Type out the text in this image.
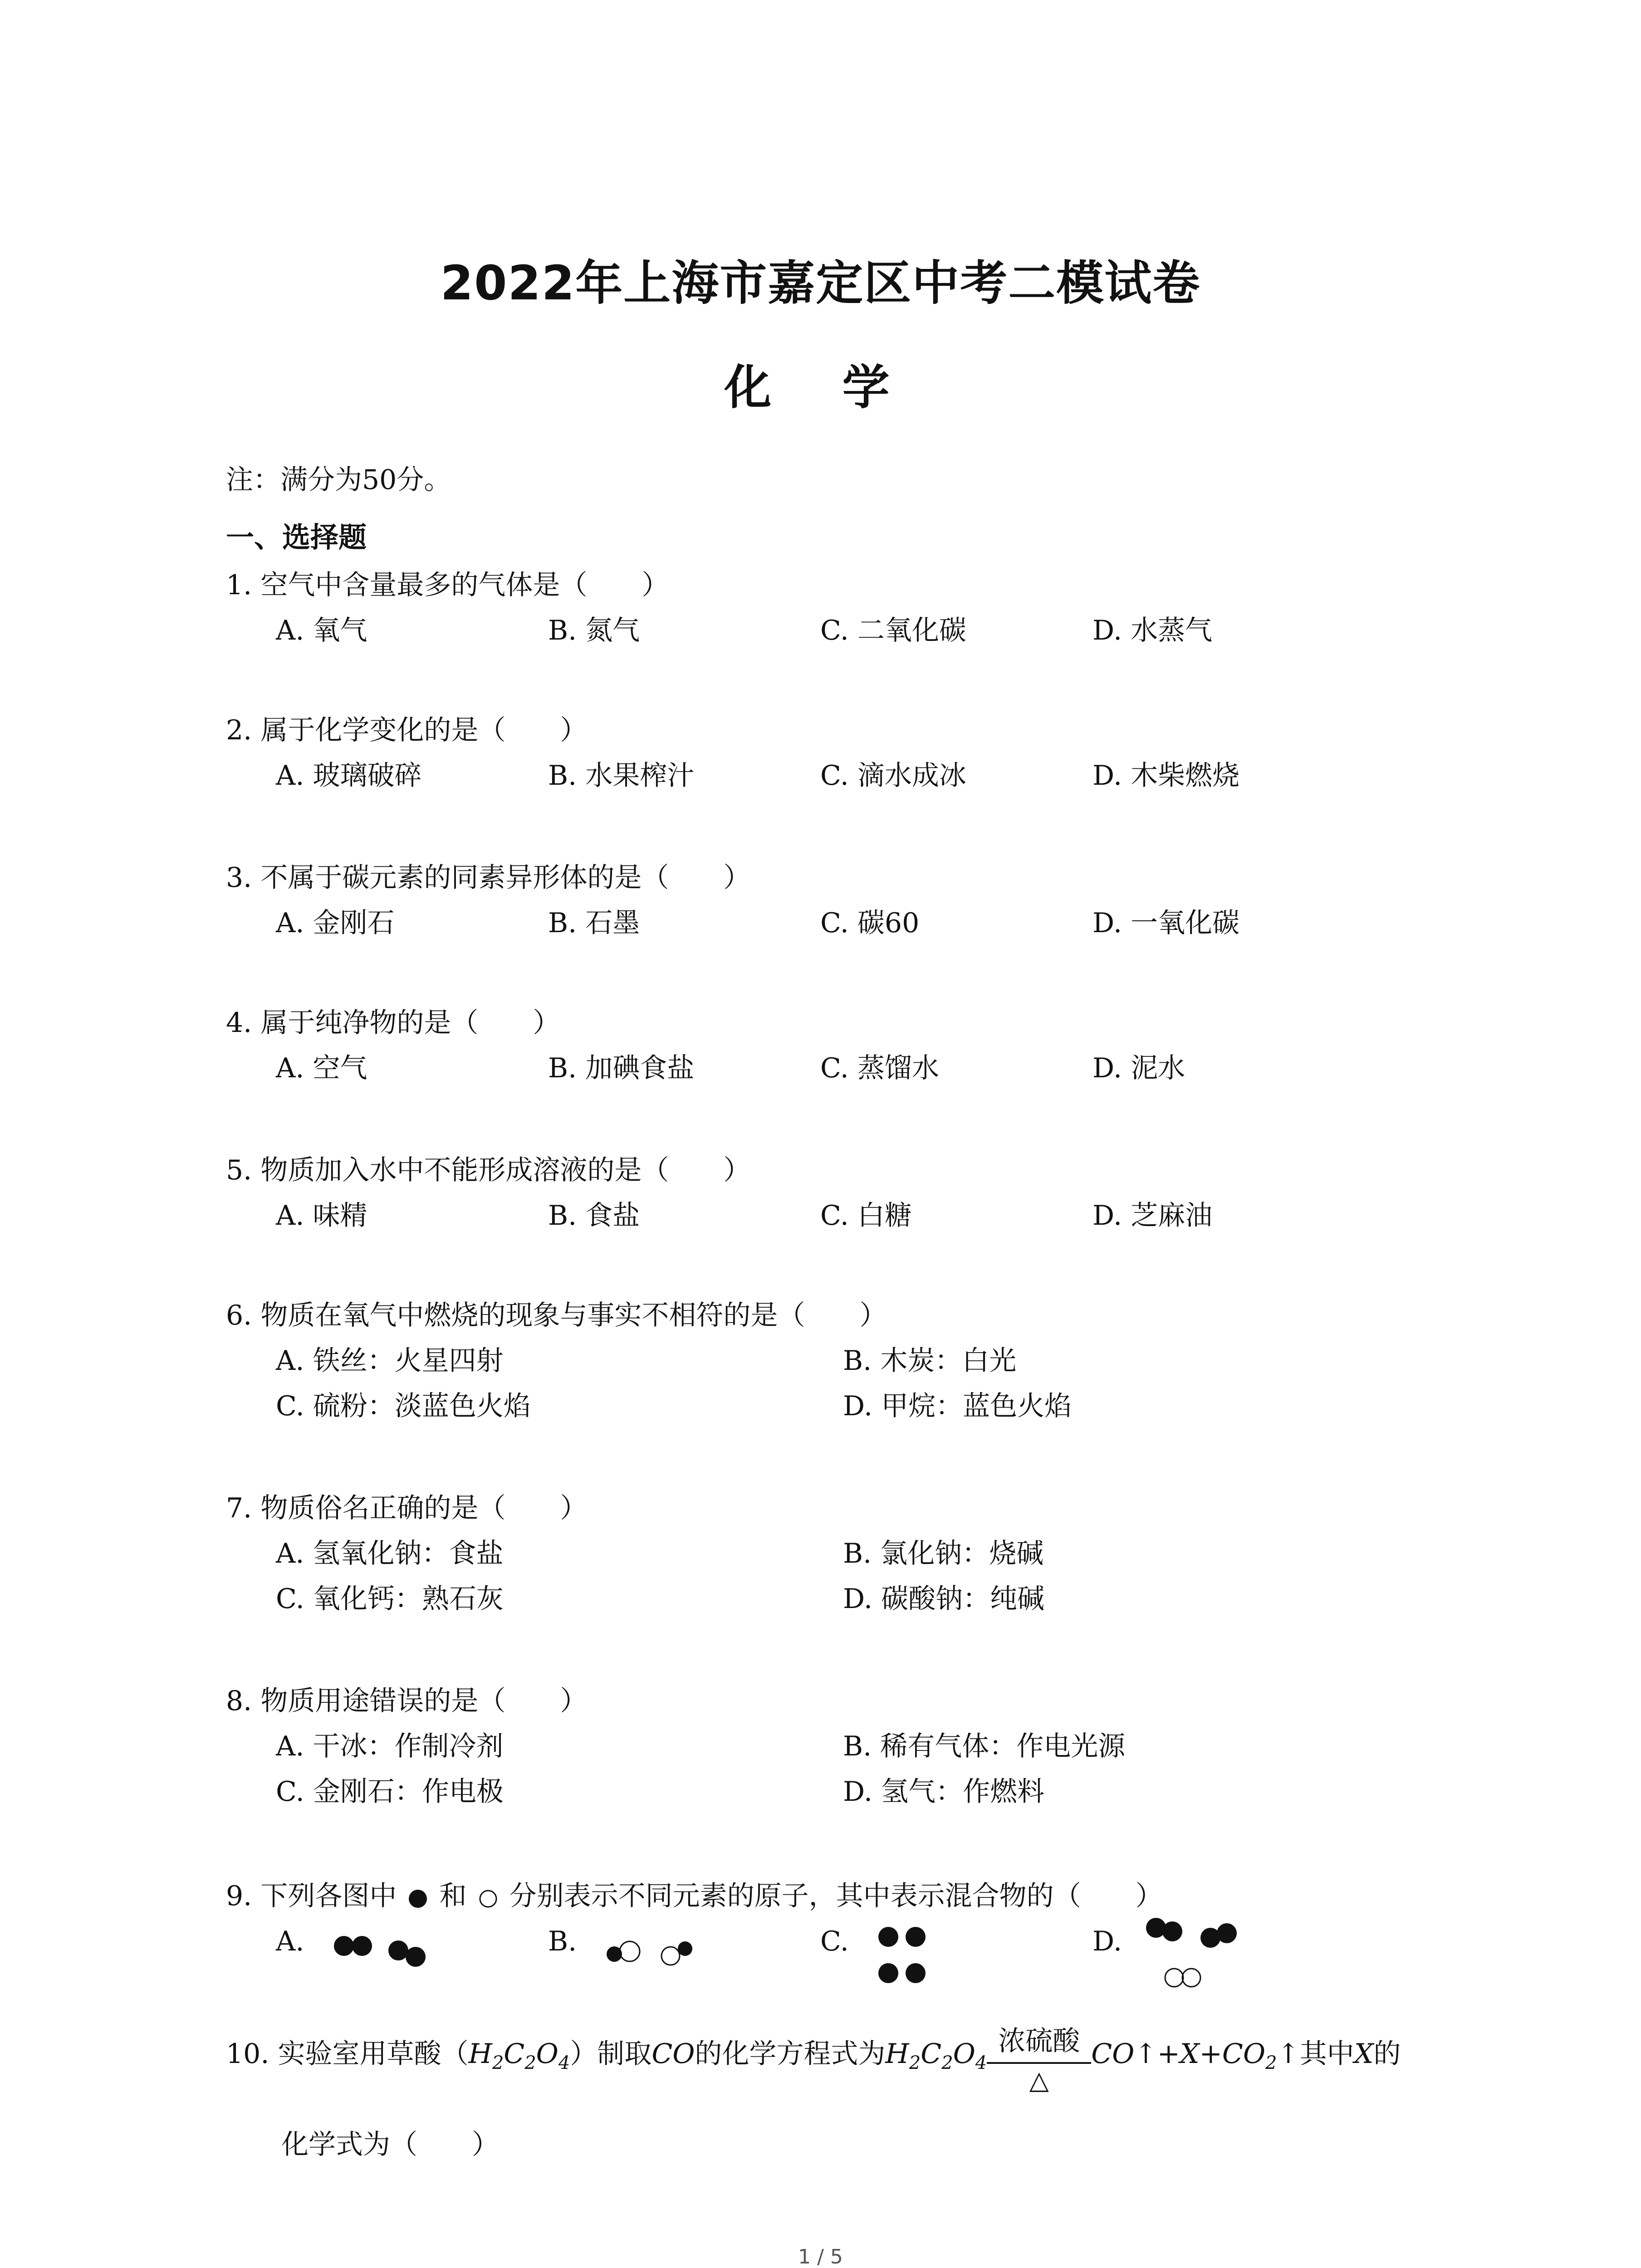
2022年上海市嘉定区中考二模试卷
化 学
注：满分为50分。
一、选择题
1. 空气中含量最多的气体是（　　）
A. 氧气	B. 氮气	C. 二氧化碳	D. 水蒸气
2. 属于化学变化的是（　　）
A. 玻璃破碎	B. 水果榨汁	C. 滴水成冰	D. 木柴燃烧
3. 不属于碳元素的同素异形体的是（　　）
A. 金刚石	B. 石墨	C. 碳60	D. 一氧化碳
4. 属于纯净物的是（　　）
A. 空气	B. 加碘食盐	C. 蒸馏水	D. 泥水
5. 物质加入水中不能形成溶液的是（　　）
A. 味精	B. 食盐	C. 白糖	D. 芝麻油
6. 物质在氧气中燃烧的现象与事实不相符的是（　　）
A. 铁丝：火星四射	B. 木炭：白光
C. 硫粉：淡蓝色火焰	D. 甲烷：蓝色火焰
7. 物质俗名正确的是（　　）
A. 氢氧化钠：食盐	B. 氯化钠：烧碱
C. 氧化钙：熟石灰	D. 碳酸钠：纯碱
8. 物质用途错误的是（　　）
A. 干冰：作制冷剂	B. 稀有气体：作电光源
C. 金刚石：作电极	D. 氢气：作燃料
9. 下列各图中 和 分别表示不同元素的原子，其中表示混合物的（　　）
A.	B.	C.	D.
10. 实验室用草酸$(H_2C_2O_4)$制取CO的化学方程式为$H_2C_2O_4$
浓硫酸
△
$CO↑+X+CO_2↑$其中X的
化学式为（　　）
1 / 5
